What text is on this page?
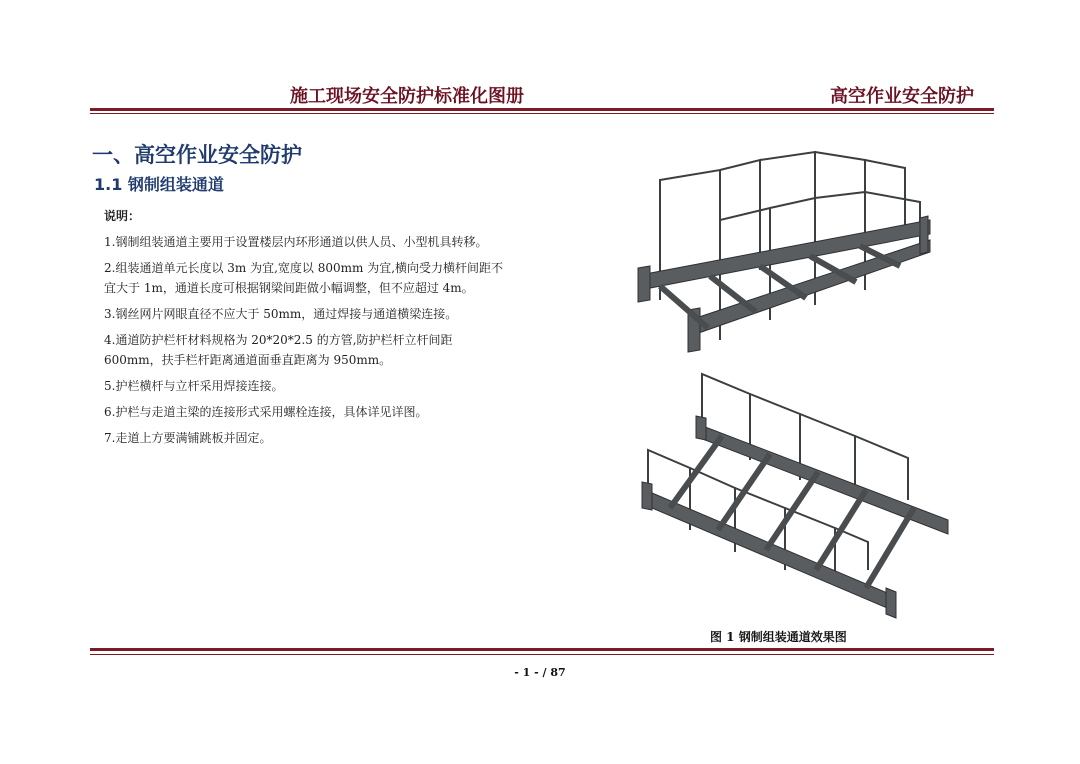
施工现场安全防护标准化图册	高空作业安全防护
一、高空作业安全防护
1.1 钢制组装通道
说明：

1.钢制组装通道主要用于设置楼层内环形通道以供人员、小型机具转移。

2.组装通道单元长度以 3m 为宜,宽度以 800mm 为宜,横向受力横杆间距不宜大于 1m，通道长度可根据钢梁间距做小幅调整，但不应超过 4m。

3.钢丝网片网眼直径不应大于 50mm，通过焊接与通道横梁连接。

4.通道防护栏杆材料规格为 20*20*2.5 的方管,防护栏杆立杆间距 600mm，扶手栏杆距离通道面垂直距离为 950mm。

5.护栏横杆与立杆采用焊接连接。

6.护栏与走道主梁的连接形式采用螺栓连接，具体详见详图。

7.走道上方要满铺跳板并固定。

图 1 钢制组装通道效果图
- 1 - / 87
